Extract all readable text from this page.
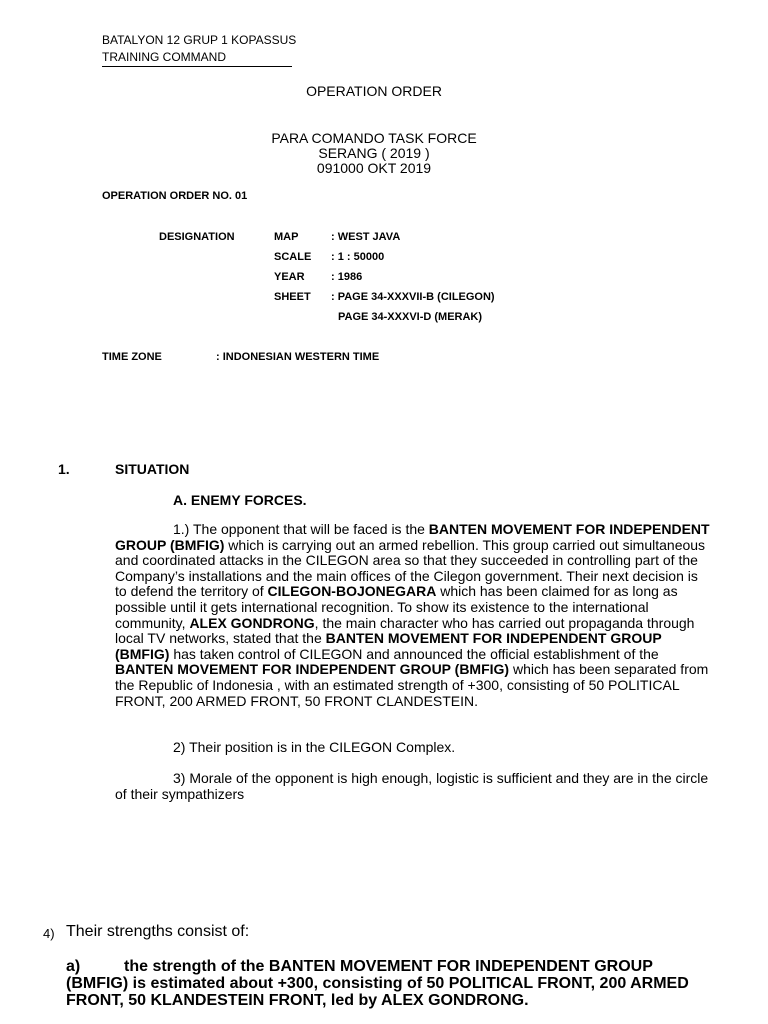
BATALYON 12 GRUP 1 KOPASSUS
TRAINING COMMAND
OPERATION ORDER
PARA COMANDO TASK FORCE
SERANG ( 2019 )
091000 OKT 2019
OPERATION ORDER NO. 01
DESIGNATION	MAP	: WEST JAVA
SCALE : 1 : 50000
YEAR : 1986
SHEET : PAGE 34-XXXVII-B (CILEGON)
PAGE 34-XXXVI-D (MERAK)
TIME ZONE	: INDONESIAN WESTERN TIME
1.	SITUATION
A. ENEMY FORCES.
1.) The opponent that will be faced is the BANTEN MOVEMENT FOR INDEPENDENT GROUP (BMFIG) which is carrying out an armed rebellion. This group carried out simultaneous and coordinated attacks in the CILEGON area so that they succeeded in controlling part of the Company’s installations and the main offices of the Cilegon government. Their next decision is to defend the territory of CILEGON-BOJONEGARA which has been claimed for as long as possible until it gets international recognition. To show its existence to the international community, ALEX GONDRONG, the main character who has carried out propaganda through local TV networks, stated that the BANTEN MOVEMENT FOR INDEPENDENT GROUP (BMFIG) has taken control of CILEGON and announced the official establishment of the BANTEN MOVEMENT FOR INDEPENDENT GROUP (BMFIG) which has been separated from the Republic of Indonesia , with an estimated strength of +300, consisting of 50 POLITICAL FRONT, 200 ARMED FRONT, 50 FRONT CLANDESTEIN.
2) Their position is in the CILEGON Complex.
3) Morale of the opponent is high enough, logistic is sufficient and they are in the circle of their sympathizers
4) Their strengths consist of:
a)	the strength of the BANTEN MOVEMENT FOR INDEPENDENT GROUP (BMFIG) is estimated about +300, consisting of 50 POLITICAL FRONT, 200 ARMED FRONT, 50 KLANDESTEIN FRONT, led by ALEX GONDRONG.
